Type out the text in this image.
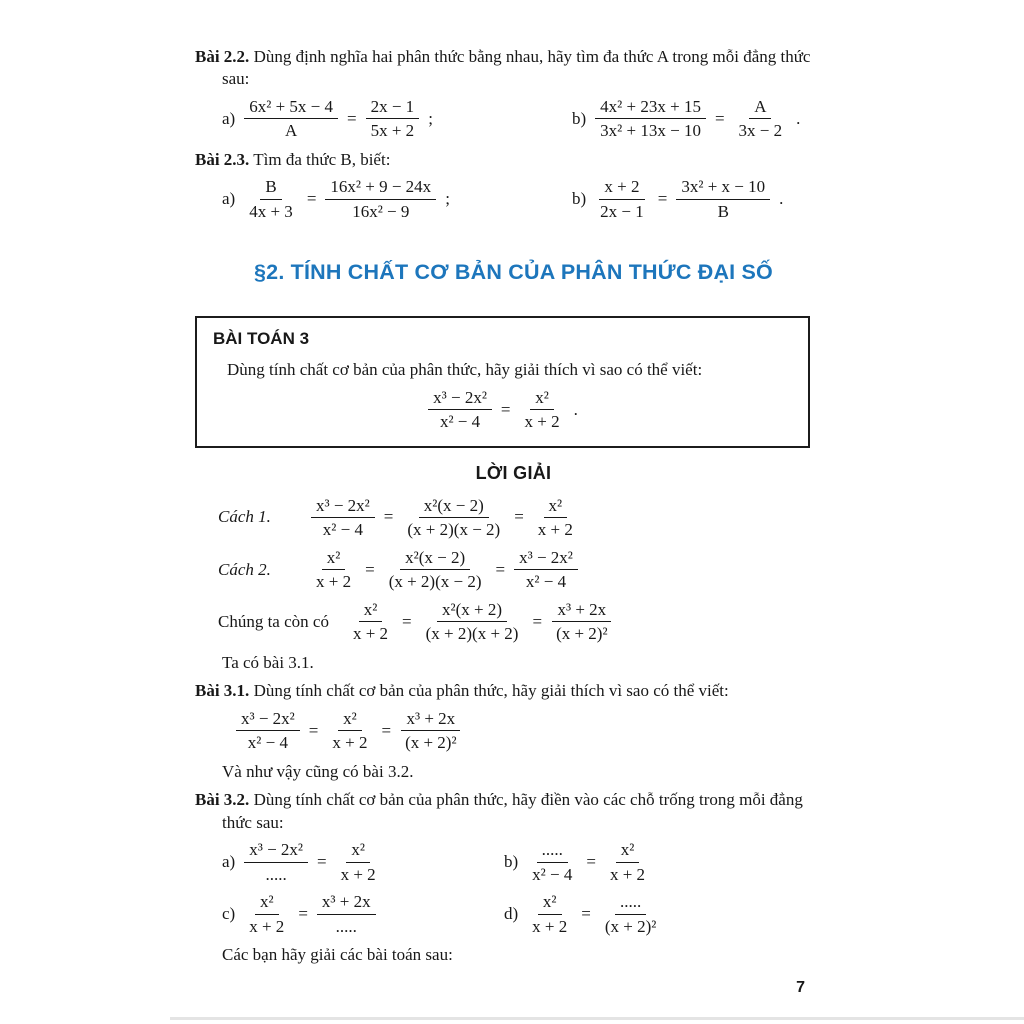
Bài 2.2. Dùng định nghĩa hai phân thức bằng nhau, hãy tìm đa thức A trong mỗi đẳng thức sau:

$a) \frac{\text{6x² + 5x − 4}}{A} = \frac{2x - 1}{5x + 2}$ ;	$b) \frac{\text{4x² + 23x + 15}}{\text{3x² + 13x − 10}} = \frac{A}{3x - 2}$ .

Bài 2.3. Tìm đa thức B, biết:

$a) \frac{B}{4x + 3} = \frac{\text{16x² + 9 − 24x}}{\text{16x² − 9}}$ ;	$b) \frac{x + 2}{2x - 1} = \frac{\text{3x² + x − 10}}{B}$ .
§2. TÍNH CHẤT CƠ BẢN CỦA PHÂN THỨC ĐẠI SỐ
BÀI TOÁN 3

Dùng tính chất cơ bản của phân thức, hãy giải thích vì sao có thể viết:

$\frac{\text{x³ − 2x²}}{\text{x² − 4}} = \frac{\text{x²}}{x + 2}$ .
LỜI GIẢI
Cách 1.	$\frac{\text{x³ − 2x²}}{\text{x² − 4}} = \frac{\text{x²(x − 2)}}{(x + 2)(x - 2)} = \frac{\text{x²}}{x + 2}$
Cách 2.	$\frac{\text{x²}}{x + 2} = \frac{\text{x²(x − 2)}}{(x + 2)(x - 2)} = \frac{\text{x³ − 2x²}}{\text{x² − 4}}$
Chúng ta còn có $\frac{\text{x²}}{x + 2} = \frac{\text{x²(x + 2)}}{(x + 2)(x + 2)} = \frac{\text{x³ + 2x}}{\text{(x + 2)²}}$

Ta có bài 3.1.

Bài 3.1. Dùng tính chất cơ bản của phân thức, hãy giải thích vì sao có thể viết:

$\frac{\text{x³ − 2x²}}{\text{x² − 4}} = \frac{\text{x²}}{x + 2} = \frac{\text{x³ + 2x}}{\text{(x + 2)²}}$

Và như vậy cũng có bài 3.2.

Bài 3.2. Dùng tính chất cơ bản của phân thức, hãy điền vào các chỗ trống trong mỗi đẳng thức sau:

$a) \frac{\text{x³ − 2x²}}{.....} = \frac{\text{x²}}{x + 2}$	$b) \frac{.....}{\text{x² − 4}} = \frac{\text{x²}}{x + 2}$
$c) \frac{\text{x²}}{x + 2} = \frac{\text{x³ + 2x}}{.....}$	$d) \frac{\text{x²}}{x + 2} = \frac{.....}{\text{(x + 2)²}}$

Các bạn hãy giải các bài toán sau:

7
